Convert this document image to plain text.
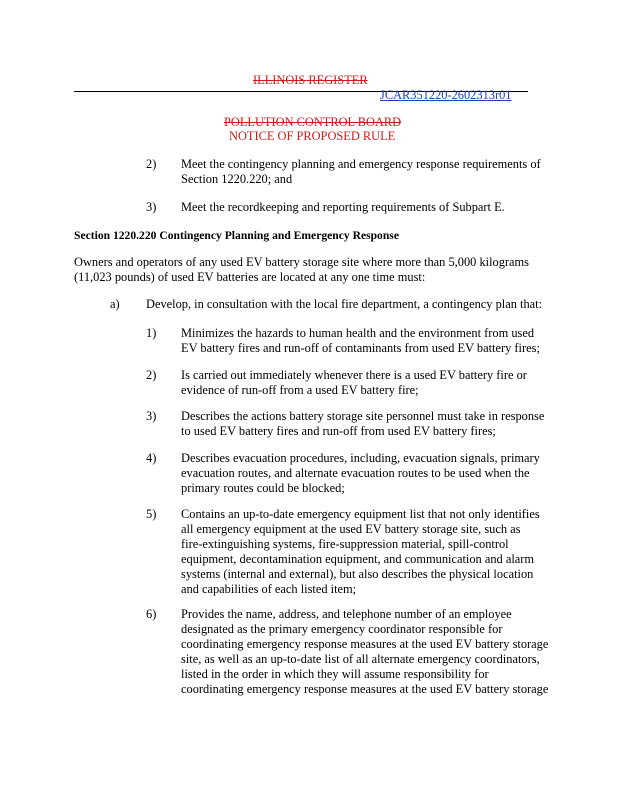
ILLINOIS REGISTER
JCAR351220-2602313r01
POLLUTION CONTROL BOARD
NOTICE OF PROPOSED RULE
2) Meet the contingency planning and emergency response requirements of
Section 1220.220; and
3) Meet the recordkeeping and reporting requirements of Subpart E.
Section 1220.220 Contingency Planning and Emergency Response
Owners and operators of any used EV battery storage site where more than 5,000 kilograms
(11,023 pounds) of used EV batteries are located at any one time must:
a) Develop, in consultation with the local fire department, a contingency plan that:
1) Minimizes the hazards to human health and the environment from used
EV battery fires and run-off of contaminants from used EV battery fires;
2) Is carried out immediately whenever there is a used EV battery fire or
evidence of run-off from a used EV battery fire;
3) Describes the actions battery storage site personnel must take in response
to used EV battery fires and run-off from used EV battery fires;
4) Describes evacuation procedures, including, evacuation signals, primary
evacuation routes, and alternate evacuation routes to be used when the
primary routes could be blocked;
5) Contains an up-to-date emergency equipment list that not only identifies
all emergency equipment at the used EV battery storage site, such as
fire-extinguishing systems, fire-suppression material, spill-control
equipment, decontamination equipment, and communication and alarm
systems (internal and external), but also describes the physical location
and capabilities of each listed item;
6) Provides the name, address, and telephone number of an employee
designated as the primary emergency coordinator responsible for
coordinating emergency response measures at the used EV battery storage
site, as well as an up-to-date list of all alternate emergency coordinators,
listed in the order in which they will assume responsibility for
coordinating emergency response measures at the used EV battery storage
